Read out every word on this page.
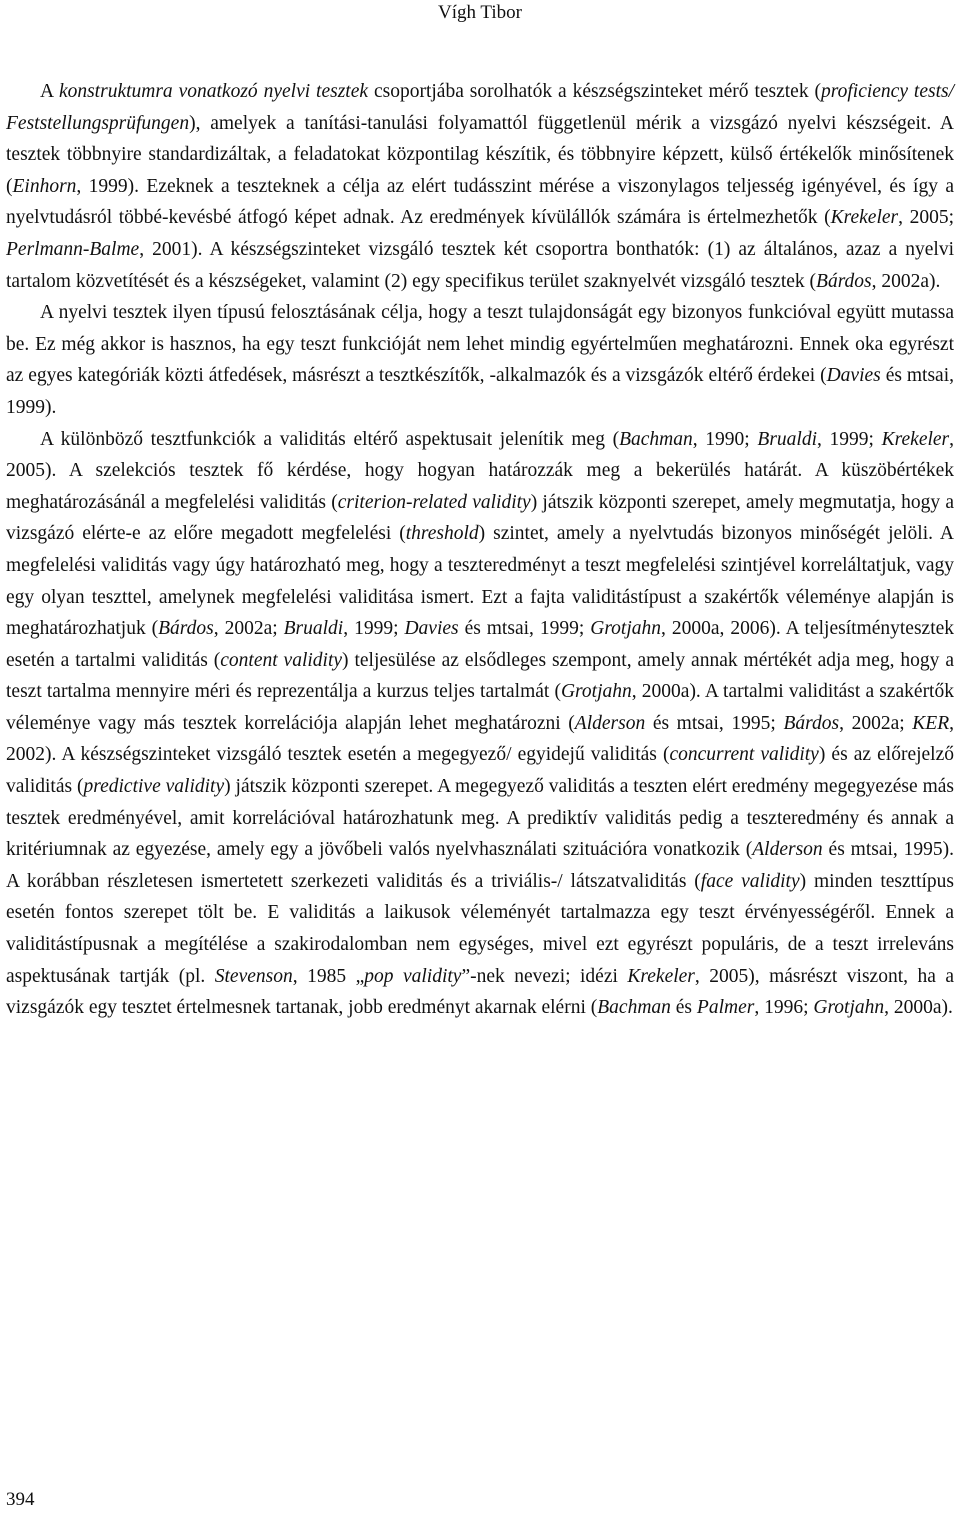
Vígh Tibor

A konstruktumra vonatkozó nyelvi tesztek csoportjába sorolhatók a készségszinteket mérő tesztek (proficiency tests/ Feststellungsprüfungen), amelyek a tanítási-tanulási folyamattól függetlenül mérik a vizsgázó nyelvi készségeit. A tesztek többnyire standardizáltak, a feladatokat központilag készítik, és többnyire képzett, külső értékelők minősítenek (Einhorn, 1999). Ezeknek a teszteknek a célja az elért tudásszint mérése a viszonylagos teljesség igényével, és így a nyelvtudásról többé-kevésbé átfogó képet adnak. Az eredmények kívülállók számára is értelmezhetők (Krekeler, 2005; Perlmann-Balme, 2001). A készségszinteket vizsgáló tesztek két csoportra bonthatók: (1) az általános, azaz a nyelvi tartalom közvetítését és a készségeket, valamint (2) egy specifikus terület szaknyelvét vizsgáló tesztek (Bárdos, 2002a).

A nyelvi tesztek ilyen típusú felosztásának célja, hogy a teszt tulajdonságát egy bizonyos funkcióval együtt mutassa be. Ez még akkor is hasznos, ha egy teszt funkcióját nem lehet mindig egyértelműen meghatározni. Ennek oka egyrészt az egyes kategóriák közti átfedések, másrészt a tesztkészítők, -alkalmazók és a vizsgázók eltérő érdekei (Davies és mtsai, 1999).

A különböző tesztfunkciók a validitás eltérő aspektusait jelenítik meg (Bachman, 1990; Brualdi, 1999; Krekeler, 2005). A szelekciós tesztek fő kérdése, hogy hogyan határozzák meg a bekerülés határát. A küszöbértékek meghatározásánál a megfelelési validitás (criterion-related validity) játszik központi szerepet, amely megmutatja, hogy a vizsgázó elérte-e az előre megadott megfelelési (threshold) szintet, amely a nyelvtudás bizonyos minőségét jelöli. A megfelelési validitás vagy úgy határozható meg, hogy a teszteredményt a teszt megfelelési szintjével korreláltatjuk, vagy egy olyan teszttel, amelynek megfelelési validitása ismert. Ezt a fajta validitástípust a szakértők véleménye alapján is meghatározhatjuk (Bárdos, 2002a; Brualdi, 1999; Davies és mtsai, 1999; Grotjahn, 2000a, 2006). A teljesítménytesztek esetén a tartalmi validitás (content validity) teljesülése az elsődleges szempont, amely annak mértékét adja meg, hogy a teszt tartalma mennyire méri és reprezentálja a kurzus teljes tartalmát (Grotjahn, 2000a). A tartalmi validitást a szakértők véleménye vagy más tesztek korrelációja alapján lehet meghatározni (Alderson és mtsai, 1995; Bárdos, 2002a; KER, 2002). A készségszinteket vizsgáló tesztek esetén a megegyező/ egyidejű validitás (concurrent validity) és az előrejelző validitás (predictive validity) játszik központi szerepet. A megegyező validitás a teszten elért eredmény megegyezése más tesztek eredményével, amit korrelációval határozhatunk meg. A prediktív validitás pedig a teszteredmény és annak a kritériumnak az egyezése, amely egy a jövőbeli valós nyelvhasználati szituációra vonatkozik (Alderson és mtsai, 1995). A korábban részletesen ismertetett szerkezeti validitás és a triviális-/ látszatvaliditás (face validity) minden teszttípus esetén fontos szerepet tölt be. E validitás a laikusok véleményét tartalmazza egy teszt érvényességéről. Ennek a validitástípusnak a megítélése a szakirodalomban nem egységes, mivel ezt egyrészt populáris, de a teszt irreleváns aspektusának tartják (pl. Stevenson, 1985 „pop validity”-nek nevezi; idézi Krekeler, 2005), másrészt viszont, ha a vizsgázók egy tesztet értelmesnek tartanak, jobb eredményt akarnak elérni (Bachman és Palmer, 1996; Grotjahn, 2000a).

394
